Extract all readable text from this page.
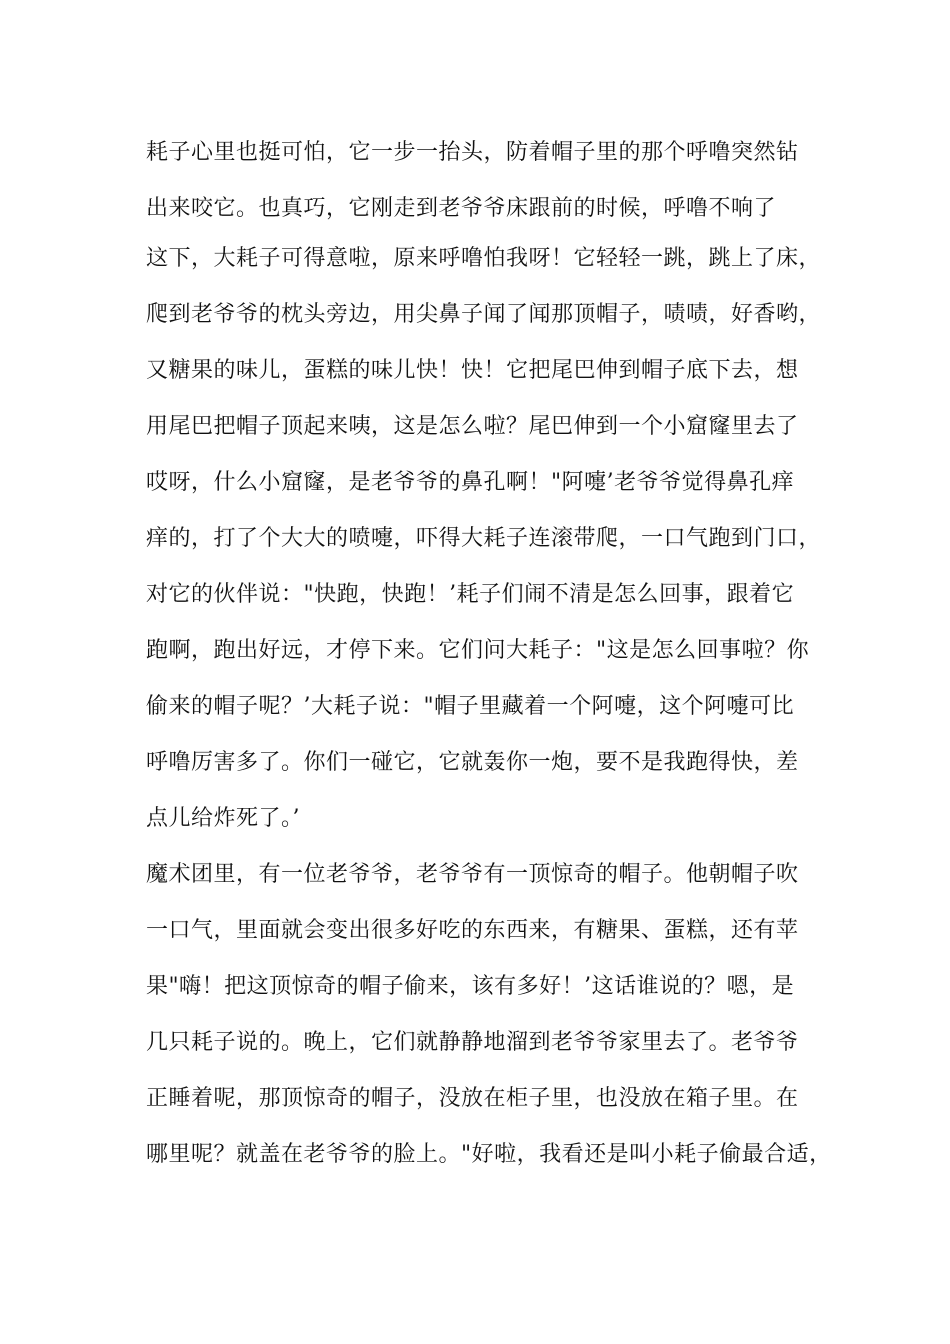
耗子心里也挺可怕，它一步一抬头，防着帽子里的那个呼噜突然钻
出来咬它。也真巧，它刚走到老爷爷床跟前的时候，呼噜不响了
这下，大耗子可得意啦，原来呼噜怕我呀！它轻轻一跳，跳上了床，
爬到老爷爷的枕头旁边，用尖鼻子闻了闻那顶帽子，啧啧，好香哟，
又糖果的味儿，蛋糕的味儿快！快！它把尾巴伸到帽子底下去，想
用尾巴把帽子顶起来咦，这是怎么啦？尾巴伸到一个小窟窿里去了
哎呀，什么小窟窿，是老爷爷的鼻孔啊！"阿嚏’老爷爷觉得鼻孔痒
痒的，打了个大大的喷嚏，吓得大耗子连滚带爬，一口气跑到门口，
对它的伙伴说："快跑，快跑！’耗子们闹不清是怎么回事，跟着它
跑啊，跑出好远，才停下来。它们问大耗子："这是怎么回事啦？你
偷来的帽子呢？’大耗子说："帽子里藏着一个阿嚏，这个阿嚏可比
呼噜厉害多了。你们一碰它，它就轰你一炮，要不是我跑得快，差
点儿给炸死了。’
魔术团里，有一位老爷爷，老爷爷有一顶惊奇的帽子。他朝帽子吹
一口气，里面就会变出很多好吃的东西来，有糖果、蛋糕，还有苹
果"嗨！把这顶惊奇的帽子偷来，该有多好！’这话谁说的？嗯，是
几只耗子说的。晚上，它们就静静地溜到老爷爷家里去了。老爷爷
正睡着呢，那顶惊奇的帽子，没放在柜子里，也没放在箱子里。在
哪里呢？就盖在老爷爷的脸上。"好啦，我看还是叫小耗子偷最合适，
